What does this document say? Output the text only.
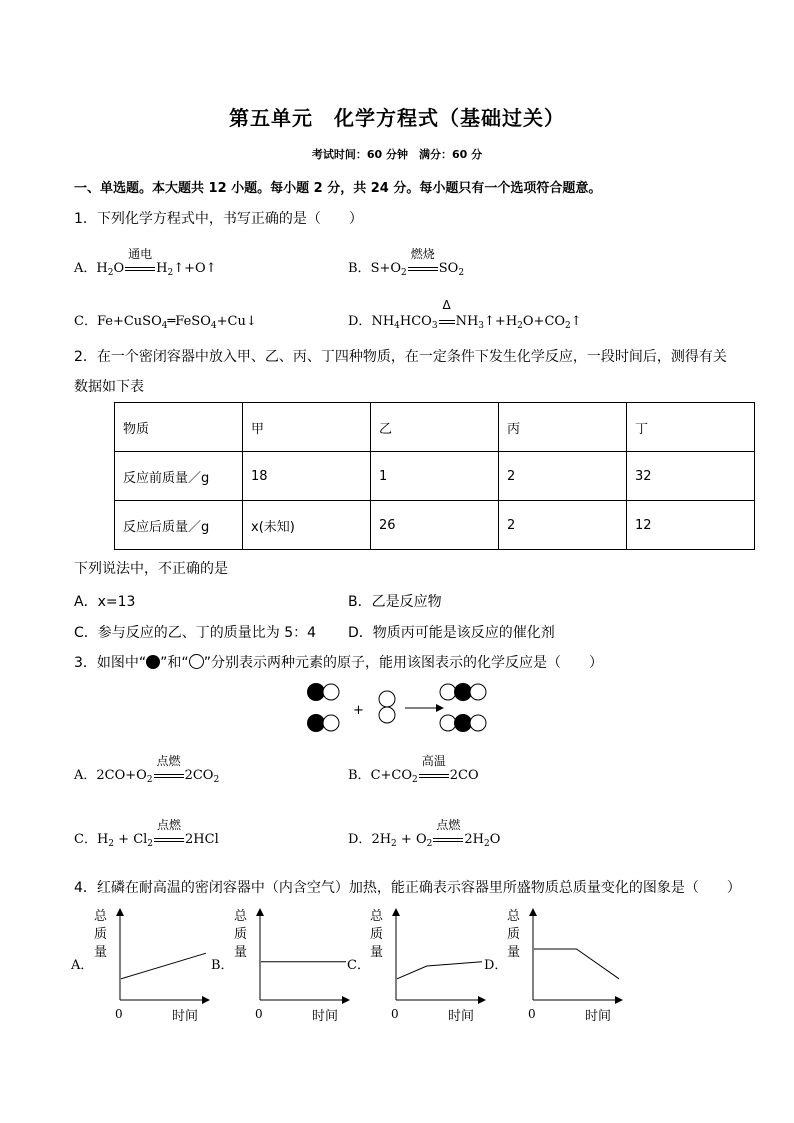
第五单元　化学方程式（基础过关）
考试时间：60 分钟　满分：60 分
一、单选题。本大题共 12 小题。每小题 2 分，共 24 分。每小题只有一个选项符合题意。
1．下列化学方程式中，书写正确的是（　　）
A．$H_2O$
通电
$H_2↑+O↑$	B．$S+O_2$
燃烧
$SO_2$
C．Fe+CuSO$_4$═FeSO$_4$+Cu↓	D．$NH_4HCO_3$
Δ
$NH_3↑+H_2O+CO_2↑$
2．在一个密闭容器中放入甲、乙、丙、丁四种物质，在一定条件下发生化学反应，一段时间后，测得有关
数据如下表
物质	甲	乙	丙	丁
反应前质量／g	18	1	2	32
反应后质量／g	x(未知)	26	2	12
下列说法中，不正确的是
A．x=13	B．乙是反应物
C．参与反应的乙、丁的质量比为 5：4 D．物质丙可能是该反应的催化剂
3．如图中“ ”和“ ”分别表示两种元素的原子，能用该图表示的化学反应是（　　）
+
A．$2CO+O_2$
点燃
$2CO_2$	B．$C+CO_2$
高温
2CO
C．$H_2 + Cl_2$
点燃
2HCl	D．$2H_2 + O_2$
点燃
$2H_2O$
4．红磷在耐高温的密闭容器中（内含空气）加热，能正确表示容器里所盛物质总质量变化的图象是（　　）
A．
总
质
量
0	时间
B．
总
质
量
0	时间
C．
总
质
量
0	时间
D．
总
质
量
0	时间
